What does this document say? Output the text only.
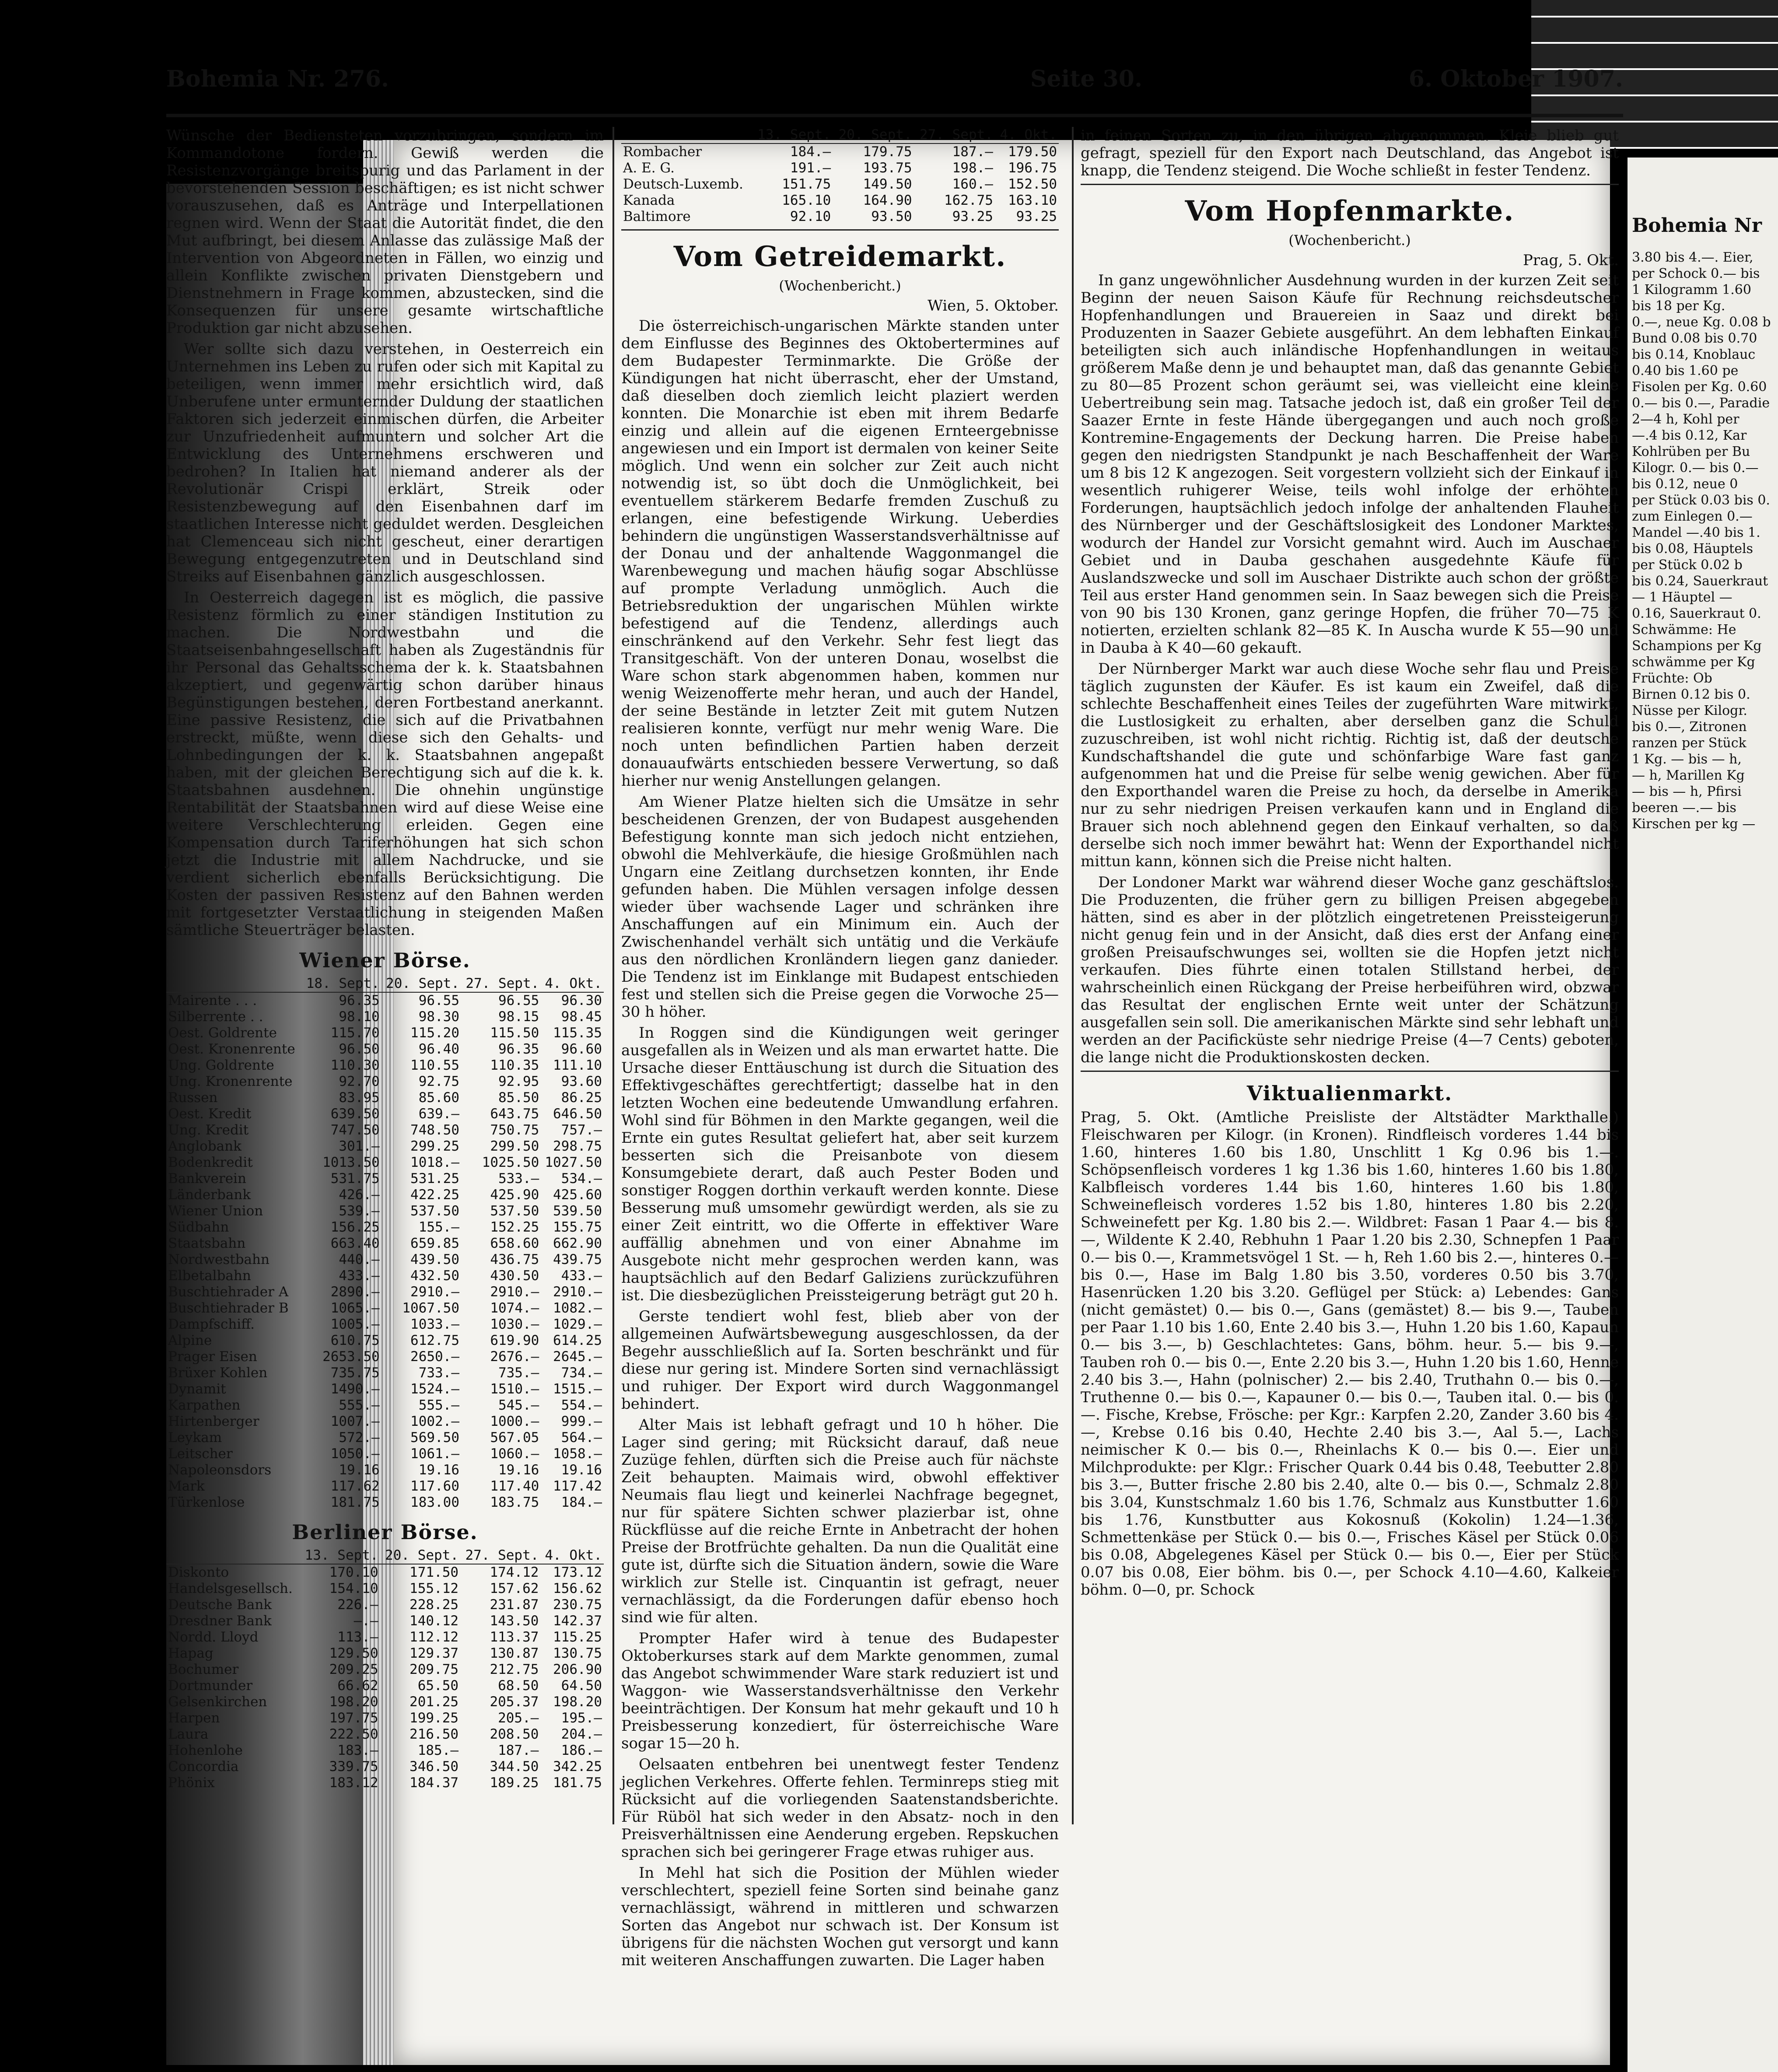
Bohemia Nr. 276.	Seite 30.	6. Oktober 1907.

Wünsche der Bediensteten vorzubringen, sondern im Kommandotone fordern. Gewiß werden die Resistenzvorgänge breitspurig und das Parlament in der bevorstehenden Session beschäftigen; es ist nicht schwer vorauszusehen, daß es Anträge und Interpellationen regnen wird. Wenn der Staat die Autorität findet, die den Mut aufbringt, bei diesem Anlasse das zulässige Maß der Intervention von Abgeordneten in Fällen, wo einzig und allein Konflikte zwischen privaten Dienstgebern und Dienstnehmern in Frage kommen, abzustecken, sind die Konsequenzen für unsere gesamte wirtschaftliche Produktion gar nicht abzusehen.

Wer sollte sich dazu verstehen, in Oesterreich ein Unternehmen ins Leben zu rufen oder sich mit Kapital zu beteiligen, wenn immer mehr ersichtlich wird, daß Unberufene unter ermunternder Duldung der staatlichen Faktoren sich jederzeit einmischen dürfen, die Arbeiter zur Unzufriedenheit aufmuntern und solcher Art die Entwicklung des Unternehmens erschweren und bedrohen? In Italien hat niemand anderer als der Revolutionär Crispi erklärt, Streik oder Resistenzbewegung auf den Eisenbahnen darf im staatlichen Interesse nicht geduldet werden. Desgleichen hat Clemenceau sich nicht gescheut, einer derartigen Bewegung entgegenzutreten und in Deutschland sind Streiks auf Eisenbahnen gänzlich ausgeschlossen.

In Oesterreich dagegen ist es möglich, die passive Resistenz förmlich zu einer ständigen Institution zu machen. Die Nordwestbahn und die Staatseisenbahngesellschaft haben als Zugeständnis für ihr Personal das Gehaltsschema der k. k. Staatsbahnen akzeptiert, und gegenwärtig schon darüber hinaus Begünstigungen bestehen, deren Fortbestand anerkannt. Eine passive Resistenz, die sich auf die Privatbahnen erstreckt, müßte, wenn diese sich den Gehalts- und Lohnbedingungen der k. k. Staatsbahnen angepaßt haben, mit der gleichen Berechtigung sich auf die k. k. Staatsbahnen ausdehnen. Die ohnehin ungünstige Rentabilität der Staatsbahnen wird auf diese Weise eine weitere Verschlechterung erleiden. Gegen eine Kompensation durch Tariferhöhungen hat sich schon jetzt die Industrie mit allem Nachdrucke, und sie verdient sicherlich ebenfalls Berücksichtigung. Die Kosten der passiven Resistenz auf den Bahnen werden mit fortgesetzter Verstaatlichung in steigenden Maßen sämtliche Steuerträger belasten.

Wiener Börse.
	18. Sept.	20. Sept.	27. Sept.	4. Okt.
Mairente . . .	96.35	96.55	96.55	96.30
Silberrente . .	98.10	98.30	98.15	98.45
Oest. Goldrente	115.70	115.20	115.50	115.35
Oest. Kronenrente	96.50	96.40	96.35	96.60
Ung. Goldrente	110.30	110.55	110.35	111.10
Ung. Kronenrente	92.70	92.75	92.95	93.60
Russen	83.95	85.60	85.50	86.25
Oest. Kredit	639.50	639.—	643.75	646.50
Ung. Kredit	747.50	748.50	750.75	757.—
Anglobank	301.—	299.25	299.50	298.75
Bodenkredit	1013.50	1018.—	1025.50	1027.50
Bankverein	531.75	531.25	533.—	534.—
Länderbank	426.—	422.25	425.90	425.60
Wiener Union	539.—	537.50	537.50	539.50
Südbahn	156.25	155.—	152.25	155.75
Staatsbahn	663.40	659.85	658.60	662.90
Nordwestbahn	440.—	439.50	436.75	439.75
Elbetalbahn	433.—	432.50	430.50	433.—
Buschtiehrader A	2890.—	2910.—	2910.—	2910.—
Buschtiehrader B	1065.—	1067.50	1074.—	1082.—
Dampfschiff.	1005.—	1033.—	1030.—	1029.—
Alpine	610.75	612.75	619.90	614.25
Prager Eisen	2653.50	2650.—	2676.—	2645.—
Brüxer Kohlen	735.75	733.—	735.—	734.—
Dynamit	1490.—	1524.—	1510.—	1515.—
Karpathen	555.—	555.—	545.—	554.—
Hirtenberger	1007.—	1002.—	1000.—	999.—
Leykam	572.—	569.50	567.05	564.—
Leitscher	1050.—	1061.—	1060.—	1058.—
Napoleonsdors	19.16	19.16	19.16	19.16
Mark	117.62	117.60	117.40	117.42
Türkenlose	181.75	183.00	183.75	184.—
Berliner Börse.
	13. Sept.	20. Sept.	27. Sept.	4. Okt.
Diskonto	170.10	171.50	174.12	173.12
Handelsgesellsch.	154.10	155.12	157.62	156.62
Deutsche Bank	226.—	228.25	231.87	230.75
Dresdner Bank	—.—	140.12	143.50	142.37
Nordd. Lloyd	113.—	112.12	113.37	115.25
Hapag	129.50	129.37	130.87	130.75
Bochumer	209.25	209.75	212.75	206.90
Dortmunder	66.62	65.50	68.50	64.50
Gelsenkirchen	198.20	201.25	205.37	198.20
Harpen	197.75	199.25	205.—	195.—
Laura	222.50	216.50	208.50	204.—
Hohenlohe	183.—	185.—	187.—	186.—
Concordia	339.75	346.50	344.50	342.25
Phönix	183.12	184.37	189.25	181.75
	13. Sept.	20. Sept.	27. Sept.	4. Okt.
Rombacher	184.—	179.75	187.—	179.50
A. E. G.	191.—	193.75	198.—	196.75
Deutsch-Luxemb.	151.75	149.50	160.—	152.50
Kanada	165.10	164.90	162.75	163.10
Baltimore	92.10	93.50	93.25	93.25
Vom Getreidemarkt.
(Wochenbericht.)
Wien, 5. Oktober.

Die österreichisch-ungarischen Märkte standen unter dem Einflusse des Beginnes des Oktobertermines auf dem Budapester Terminmarkte. Die Größe der Kündigungen hat nicht überrascht, eher der Umstand, daß dieselben doch ziemlich leicht plaziert werden konnten. Die Monarchie ist eben mit ihrem Bedarfe einzig und allein auf die eigenen Ernteergebnisse angewiesen und ein Import ist dermalen von keiner Seite möglich. Und wenn ein solcher zur Zeit auch nicht notwendig ist, so übt doch die Unmöglichkeit, bei eventuellem stärkerem Bedarfe fremden Zuschuß zu erlangen, eine befestigende Wirkung. Ueberdies behindern die ungünstigen Wasserstandsverhältnisse auf der Donau und der anhaltende Waggonmangel die Warenbewegung und machen häufig sogar Abschlüsse auf prompte Verladung unmöglich. Auch die Betriebsreduktion der ungarischen Mühlen wirkte befestigend auf die Tendenz, allerdings auch einschränkend auf den Verkehr. Sehr fest liegt das Transitgeschäft. Von der unteren Donau, woselbst die Ware schon stark abgenommen haben, kommen nur wenig Weizenofferte mehr heran, und auch der Handel, der seine Bestände in letzter Zeit mit gutem Nutzen realisieren konnte, verfügt nur mehr wenig Ware. Die noch unten befindlichen Partien haben derzeit donauaufwärts entschieden bessere Verwertung, so daß hierher nur wenig Anstellungen gelangen.

Am Wiener Platze hielten sich die Umsätze in sehr bescheidenen Grenzen, der von Budapest ausgehenden Befestigung konnte man sich jedoch nicht entziehen, obwohl die Mehlverkäufe, die hiesige Großmühlen nach Ungarn eine Zeitlang durchsetzen konnten, ihr Ende gefunden haben. Die Mühlen versagen infolge dessen wieder über wachsende Lager und schränken ihre Anschaffungen auf ein Minimum ein. Auch der Zwischenhandel verhält sich untätig und die Verkäufe aus den nördlichen Kronländern liegen ganz danieder. Die Tendenz ist im Einklange mit Budapest entschieden fest und stellen sich die Preise gegen die Vorwoche 25—30 h höher.

In Roggen sind die Kündigungen weit geringer ausgefallen als in Weizen und als man erwartet hatte. Die Ursache dieser Enttäuschung ist durch die Situation des Effektivgeschäftes gerechtfertigt; dasselbe hat in den letzten Wochen eine bedeutende Umwandlung erfahren. Wohl sind für Böhmen in den Markte gegangen, weil die Ernte ein gutes Resultat geliefert hat, aber seit kurzem besserten sich die Preisanbote von diesem Konsumgebiete derart, daß auch Pester Boden und sonstiger Roggen dorthin verkauft werden konnte. Diese Besserung muß umsomehr gewürdigt werden, als sie zu einer Zeit eintritt, wo die Offerte in effektiver Ware auffällig abnehmen und von einer Abnahme im Ausgebote nicht mehr gesprochen werden kann, was hauptsächlich auf den Bedarf Galiziens zurückzuführen ist. Die diesbezüglichen Preissteigerung beträgt gut 20 h.

Gerste tendiert wohl fest, blieb aber von der allgemeinen Aufwärtsbewegung ausgeschlossen, da der Begehr ausschließlich auf Ia. Sorten beschränkt und für diese nur gering ist. Mindere Sorten sind vernachlässigt und ruhiger. Der Export wird durch Waggonmangel behindert.

Alter Mais ist lebhaft gefragt und 10 h höher. Die Lager sind gering; mit Rücksicht darauf, daß neue Zuzüge fehlen, dürften sich die Preise auch für nächste Zeit behaupten. Maimais wird, obwohl effektiver Neumais flau liegt und keinerlei Nachfrage begegnet, nur für spätere Sichten schwer plazierbar ist, ohne Rückflüsse auf die reiche Ernte in Anbetracht der hohen Preise der Brotfrüchte gehalten. Da nun die Qualität eine gute ist, dürfte sich die Situation ändern, sowie die Ware wirklich zur Stelle ist. Cinquantin ist gefragt, neuer vernachlässigt, da die Forderungen dafür ebenso hoch sind wie für alten.

Prompter Hafer wird à tenue des Budapester Oktoberkurses stark auf dem Markte genommen, zumal das Angebot schwimmender Ware stark reduziert ist und Waggon- wie Wasserstandsverhältnisse den Verkehr beeinträchtigen. Der Konsum hat mehr gekauft und 10 h Preisbesserung konzediert, für österreichische Ware sogar 15—20 h.

Oelsaaten entbehren bei unentwegt fester Tendenz jeglichen Verkehres. Offerte fehlen. Terminreps stieg mit Rücksicht auf die vorliegenden Saatenstandsberichte. Für Rüböl hat sich weder in den Absatz- noch in den Preisverhältnissen eine Aenderung ergeben. Repskuchen sprachen sich bei geringerer Frage etwas ruhiger aus.

In Mehl hat sich die Position der Mühlen wieder verschlechtert, speziell feine Sorten sind beinahe ganz vernachlässigt, während in mittleren und schwarzen Sorten das Angebot nur schwach ist. Der Konsum ist übrigens für die nächsten Wochen gut versorgt und kann mit weiteren Anschaffungen zuwarten. Die Lager haben

in feinen Sorten zu, in den übrigen abgenommen. Kleie blieb gut gefragt, speziell für den Export nach Deutschland, das Angebot ist knapp, die Tendenz steigend. Die Woche schließt in fester Tendenz.

Vom Hopfenmarkte.
(Wochenbericht.)
Prag, 5. Okt.

In ganz ungewöhnlicher Ausdehnung wurden in der kurzen Zeit seit Beginn der neuen Saison Käufe für Rechnung reichsdeutscher Hopfenhandlungen und Brauereien in Saaz und direkt bei Produzenten in Saazer Gebiete ausgeführt. An dem lebhaften Einkauf beteiligten sich auch inländische Hopfenhandlungen in weitaus größerem Maße denn je und behauptet man, daß das genannte Gebiet zu 80—85 Prozent schon geräumt sei, was vielleicht eine kleine Uebertreibung sein mag. Tatsache jedoch ist, daß ein großer Teil der Saazer Ernte in feste Hände übergegangen und auch noch große Kontremine-Engagements der Deckung harren. Die Preise haben gegen den niedrigsten Standpunkt je nach Beschaffenheit der Ware um 8 bis 12 K angezogen. Seit vorgestern vollzieht sich der Einkauf in wesentlich ruhigerer Weise, teils wohl infolge der erhöhten Forderungen, hauptsächlich jedoch infolge der anhaltenden Flauheit des Nürnberger und der Geschäftslosigkeit des Londoner Marktes, wodurch der Handel zur Vorsicht gemahnt wird. Auch im Auschaer Gebiet und in Dauba geschahen ausgedehnte Käufe für Auslandszwecke und soll im Auschaer Distrikte auch schon der größte Teil aus erster Hand genommen sein. In Saaz bewegen sich die Preise von 90 bis 130 Kronen, ganz geringe Hopfen, die früher 70—75 K notierten, erzielten schlank 82—85 K. In Auscha wurde K 55—90 und in Dauba à K 40—60 gekauft.

Der Nürnberger Markt war auch diese Woche sehr flau und Preise täglich zugunsten der Käufer. Es ist kaum ein Zweifel, daß die schlechte Beschaffenheit eines Teiles der zugeführten Ware mitwirkt, die Lustlosigkeit zu erhalten, aber derselben ganz die Schuld zuzuschreiben, ist wohl nicht richtig. Richtig ist, daß der deutsche Kundschaftshandel die gute und schönfarbige Ware fast ganz aufgenommen hat und die Preise für selbe wenig gewichen. Aber für den Exporthandel waren die Preise zu hoch, da derselbe in Amerika nur zu sehr niedrigen Preisen verkaufen kann und in England die Brauer sich noch ablehnend gegen den Einkauf verhalten, so daß derselbe sich noch immer bewährt hat: Wenn der Exporthandel nicht mittun kann, können sich die Preise nicht halten.

Der Londoner Markt war während dieser Woche ganz geschäftslos. Die Produzenten, die früher gern zu billigen Preisen abgegeben hätten, sind es aber in der plötzlich eingetretenen Preissteigerung nicht genug fein und in der Ansicht, daß dies erst der Anfang einer großen Preisaufschwunges sei, wollten sie die Hopfen jetzt nicht verkaufen. Dies führte einen totalen Stillstand herbei, der wahrscheinlich einen Rückgang der Preise herbeiführen wird, obzwar das Resultat der englischen Ernte weit unter der Schätzung ausgefallen sein soll. Die amerikanischen Märkte sind sehr lebhaft und werden an der Pacificküste sehr niedrige Preise (4—7 Cents) geboten, die lange nicht die Produktionskosten decken.

Viktualienmarkt.

Prag, 5. Okt. (Amtliche Preisliste der Altstädter Markthalle.) Fleischwaren per Kilogr. (in Kronen). Rindfleisch vorderes 1.44 bis 1.60, hinteres 1.60 bis 1.80, Unschlitt 1 Kg 0.96 bis 1.—. Schöpsenfleisch vorderes 1 kg 1.36 bis 1.60, hinteres 1.60 bis 1.80, Kalbfleisch vorderes 1.44 bis 1.60, hinteres 1.60 bis 1.80, Schweinefleisch vorderes 1.52 bis 1.80, hinteres 1.80 bis 2.20, Schweinefett per Kg. 1.80 bis 2.—. Wildbret: Fasan 1 Paar 4.— bis 8.—, Wildente K 2.40, Rebhuhn 1 Paar 1.20 bis 2.30, Schnepfen 1 Paar 0.— bis 0.—, Krammetsvögel 1 St. — h, Reh 1.60 bis 2.—, hinteres 0.— bis 0.—, Hase im Balg 1.80 bis 3.50, vorderes 0.50 bis 3.70, Hasenrücken 1.20 bis 3.20. Geflügel per Stück: a) Lebendes: Gans (nicht gemästet) 0.— bis 0.—, Gans (gemästet) 8.— bis 9.—, Tauben per Paar 1.10 bis 1.60, Ente 2.40 bis 3.—, Huhn 1.20 bis 1.60, Kapaun 0.— bis 3.—, b) Geschlachtetes: Gans, böhm. heur. 5.— bis 9.—, Tauben roh 0.— bis 0.—, Ente 2.20 bis 3.—, Huhn 1.20 bis 1.60, Henne 2.40 bis 3.—, Hahn (polnischer) 2.— bis 2.40, Truthahn 0.— bis 0.—, Truthenne 0.— bis 0.—, Kapauner 0.— bis 0.—, Tauben ital. 0.— bis 0.—. Fische, Krebse, Frösche: per Kgr.: Karpfen 2.20, Zander 3.60 bis 4.—, Krebse 0.16 bis 0.40, Hechte 2.40 bis 3.—, Aal 5.—, Lachs neimischer K 0.— bis 0.—, Rheinlachs K 0.— bis 0.—. Eier und Milchprodukte: per Klgr.: Frischer Quark 0.44 bis 0.48, Teebutter 2.80 bis 3.—, Butter frische 2.80 bis 2.40, alte 0.— bis 0.—, Schmalz 2.80 bis 3.04, Kunstschmalz 1.60 bis 1.76, Schmalz aus Kunstbutter 1.60 bis 1.76, Kunstbutter aus Kokosnuß (Kokolin) 1.24—1.36, Schmettenkäse per Stück 0.— bis 0.—, Frisches Käsel per Stück 0.06 bis 0.08, Abgelegenes Käsel per Stück 0.— bis 0.—, Eier per Stück 0.07 bis 0.08, Eier böhm. bis 0.—, per Schock 4.10—4.60, Kalkeier böhm. 0—0, pr. Schock

Bohemia Nr
3.80 bis 4.—. Eier,
per Schock 0.— bis
1 Kilogramm 1.60
bis 18 per Kg.
0.—, neue Kg. 0.08 b
Bund 0.08 bis 0.70
bis 0.14, Knoblauc
0.40 bis 1.60 pe
Fisolen per Kg. 0.60
0.— bis 0.—, Paradie
2—4 h, Kohl per
—.4 bis 0.12, Kar
Kohlrüben per Bu
Kilogr. 0.— bis 0.—
bis 0.12, neue 0
per Stück 0.03 bis 0.
zum Einlegen 0.—
Mandel —.40 bis 1.
bis 0.08, Häuptels
per Stück 0.02 b
bis 0.24, Sauerkraut
— 1 Häuptel —
0.16, Sauerkraut 0.
Schwämme: He
Schampions per Kg
schwämme per Kg
Früchte: Ob
Birnen 0.12 bis 0.
Nüsse per Kilogr.
bis 0.—, Zitronen
ranzen per Stück
1 Kg. — bis — h,
— h, Marillen Kg
— bis — h, Pfirsi
beeren —.— bis
Kirschen per kg —
